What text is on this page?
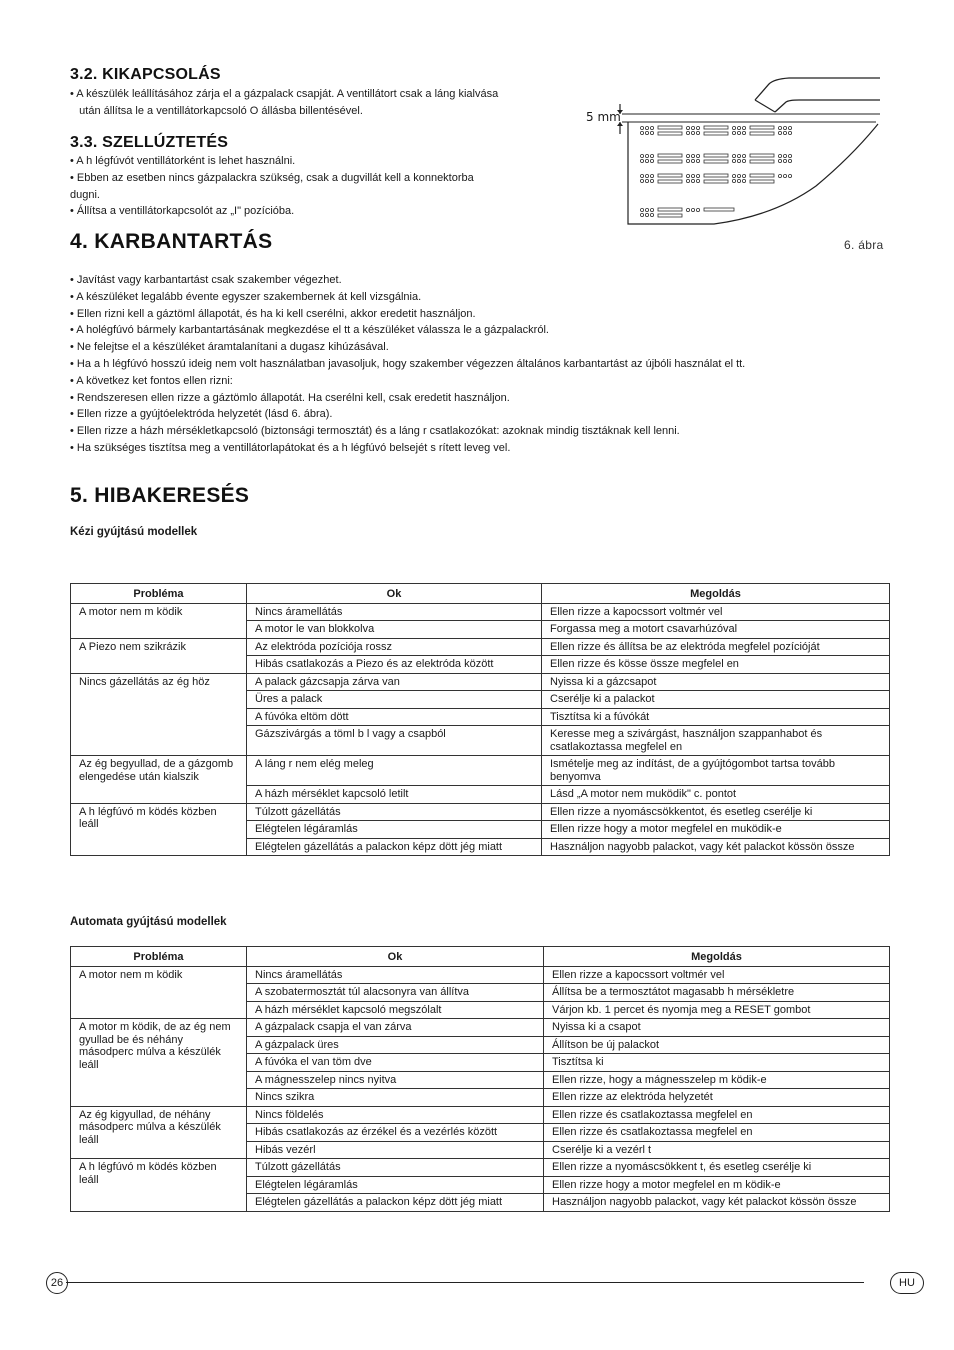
3.2. KIKAPCSOLÁS

• A készülék leállításához zárja el a gázpalack csapját. A ventillátort csak a láng kialvása

után állítsa le a ventillátorkapcsoló O állásba billentésével.

3.3. SZELLÚZTETÉS

• A h légfúvót ventillátorként is lehet használni.

• Ebben az esetben nincs gázpalackra szükség, csak a dugvillát kell a konnektorba

dugni.

• Állítsa a ventillátorkapcsolót az „I" pozícióba.

5 mm
6. ábra
4. KARBANTARTÁS

• Javítást vagy karbantartást csak szakember végezhet.

• A készüléket legalább évente egyszer szakembernek át kell vizsgálnia.

• Ellen rizni kell a gáztöml állapotát, és ha ki kell cserélni, akkor eredetit használjon.

• A holégfúvó bármely karbantartásának megkezdése el tt a készüléket válassza le a gázpalackról.

• Ne felejtse el a készüléket áramtalanítani a dugasz kihúzásával.

• Ha a h légfúvó hosszú ideig nem volt használatban javasoljuk, hogy szakember végezzen általános karbantartást az újbóli használat el tt.

• A következ ket fontos ellen rizni:

• Rendszeresen ellen rizze a gáztömlo állapotát. Ha cserélni kell, csak eredetit használjon.

• Ellen rizze a gyújtóelektróda helyzetét (lásd 6. ábra).

• Ellen rizze a házh mérsékletkapcsoló (biztonsági termosztát) és a láng r csatlakozókat: azoknak mindig tisztáknak kell lenni.

• Ha szükséges tisztítsa meg a ventillátorlapátokat és a h légfúvó belsejét s rített leveg vel.

5. HIBAKERESÉS
Kézi gyújtású modellek
Probléma	Ok	Megoldás
A motor nem m ködik	Nincs áramellátás	Ellen rizze a kapocssort voltmér vel
	A motor le van blokkolva	Forgassa meg a motort csavarhúzóval
A Piezo nem szikrázik	Az elektróda pozíciója rossz	Ellen rizze és állítsa be az elektróda megfelel pozícióját
	Hibás csatlakozás a Piezo és az elektróda között	Ellen rizze és kösse össze megfelel en
Nincs gázellátás az ég höz	A palack gázcsapja zárva van	Nyissa ki a gázcsapot
	Üres a palack	Cserélje ki a palackot
	A fúvóka eltöm dött	Tisztítsa ki a fúvókát
	Gázszivárgás a töml b l vagy a csapból	Keresse meg a szivárgást, használjon szappanhabot és csatlakoztassa megfelel en
Az ég begyullad, de a gázgomb elengedése után kialszik	A láng r nem elég meleg	Ismételje meg az indítást, de a gyújtógombot tartsa tovább benyomva
	A házh mérséklet kapcsoló letilt	Lásd „A motor nem muködik" c. pontot
A h légfúvó m ködés közben leáll	Túlzott gázellátás	Ellen rizze a nyomáscsökkentot, és esetleg cserélje ki
	Elégtelen légáramlás	Ellen rizze hogy a motor megfelel en muködik-e
	Elégtelen gázellátás a palackon képz dött jég miatt	Használjon nagyobb palackot, vagy két palackot kössön össze
Automata gyújtású modellek
Probléma	Ok	Megoldás
A motor nem m ködik	Nincs áramellátás	Ellen rizze a kapocssort voltmér vel
	A szobatermosztát túl alacsonyra van állítva	Állítsa be a termosztátot magasabb h mérsékletre
	A házh mérséklet kapcsoló megszólalt	Várjon kb. 1 percet és nyomja meg a RESET gombot
A motor m ködik, de az ég nem gyullad be és néhány másodperc múlva a készülék leáll	A gázpalack csapja el van zárva	Nyissa ki a csapot
	A gázpalack üres	Állítson be új palackot
	A fúvóka el van töm dve	Tisztítsa ki
	A mágnesszelep nincs nyitva	Ellen rizze, hogy a mágnesszelep m ködik-e
	Nincs szikra	Ellen rizze az elektróda helyzetét
Az ég kigyullad, de néhány másodperc múlva a készülék leáll	Nincs földelés	Ellen rizze és csatlakoztassa megfelel en
	Hibás csatlakozás az érzékel és a vezérlés között	Ellen rizze és csatlakoztassa megfelel en
	Hibás vezérl	Cserélje ki a vezérl t
A h légfúvó m ködés közben leáll	Túlzott gázellátás	Ellen rizze a nyomáscsökkent t, és esetleg cserélje ki
	Elégtelen légáramlás	Ellen rizze hogy a motor megfelel en m ködik-e
	Elégtelen gázellátás a palackon képz dött jég miatt	Használjon nagyobb palackot, vagy két palackot kössön össze
26	HU
